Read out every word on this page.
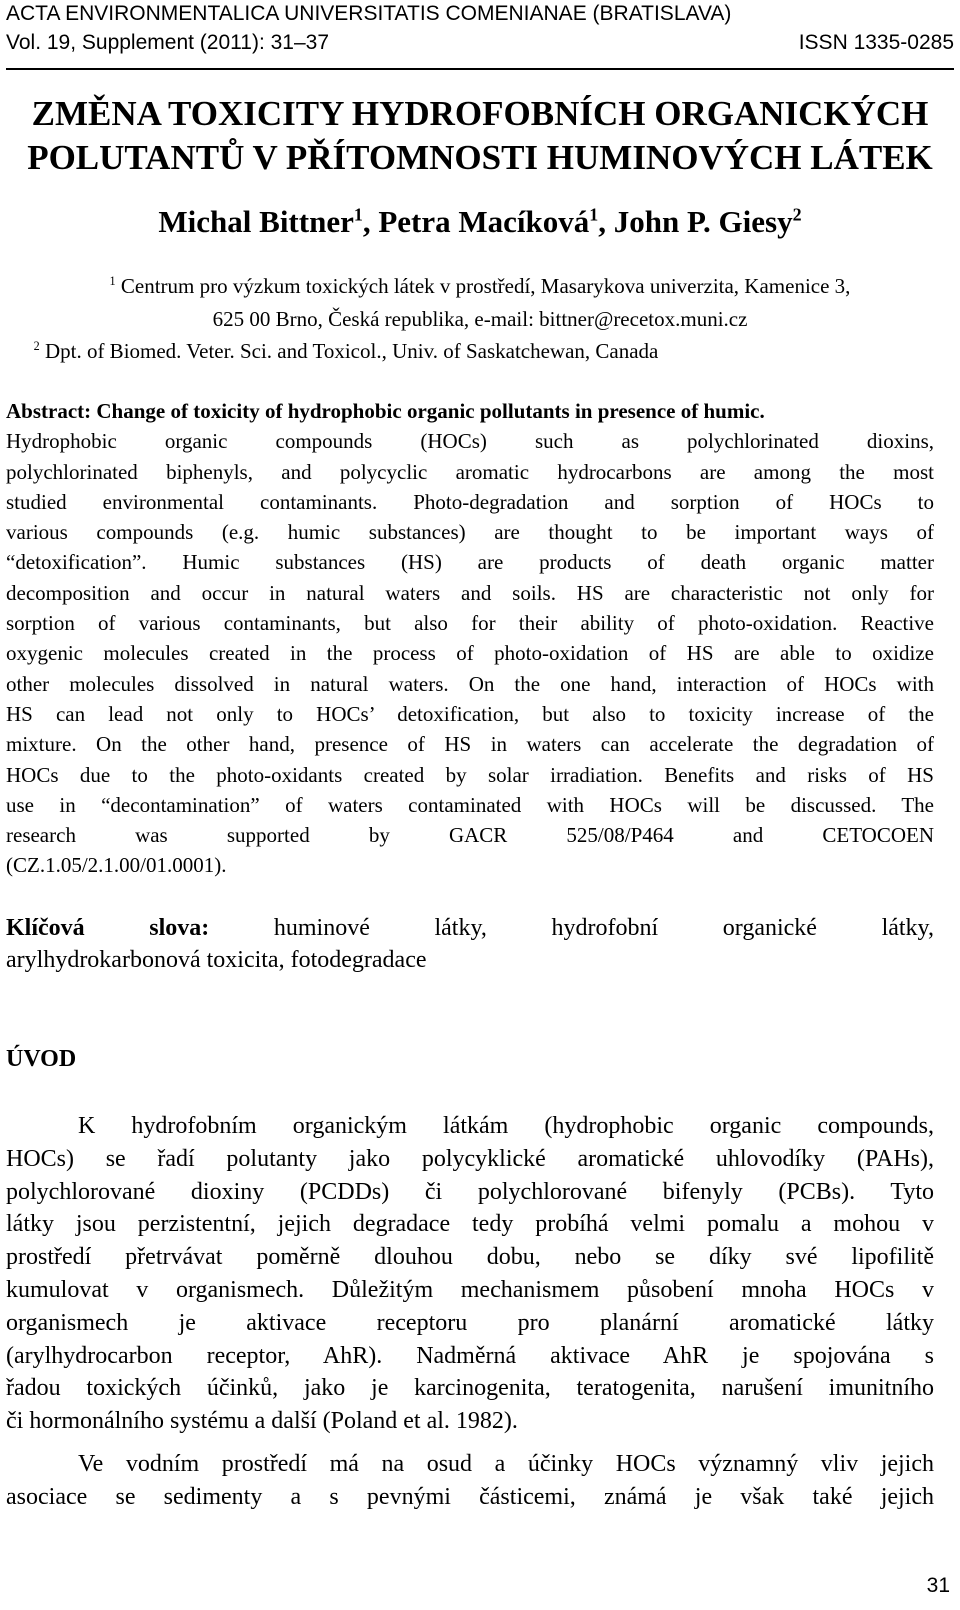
ACTA ENVIRONMENTALICA UNIVERSITATIS COMENIANAE (BRATISLAVA)
Vol. 19, Supplement (2011): 31–37	ISSN 1335-0285
ZMĚNA TOXICITY HYDROFOBNÍCH ORGANICKÝCH
POLUTANTŮ V PŘÍTOMNOSTI HUMINOVÝCH LÁTEK
Michal Bittner$^1$, Petra Macíková$^1$, John P. Giesy$^2$
$^1$ Centrum pro výzkum toxických látek v prostředí, Masarykova univerzita, Kamenice 3,
625 00 Brno, Česká republika, e-mail: bittner@recetox.muni.cz
$^2$ Dpt. of Biomed. Veter. Sci. and Toxicol., Univ. of Saskatchewan, Canada
Abstract: Change of toxicity of hydrophobic organic pollutants in presence of humic.
Hydrophobic organic compounds (HOCs) such as polychlorinated dioxins,
polychlorinated biphenyls, and polycyclic aromatic hydrocarbons are among the most
studied environmental contaminants. Photo-degradation and sorption of HOCs to
various compounds (e.g. humic substances) are thought to be important ways of
“detoxification”. Humic substances (HS) are products of death organic matter
decomposition and occur in natural waters and soils. HS are characteristic not only for
sorption of various contaminants, but also for their ability of photo-oxidation. Reactive
oxygenic molecules created in the process of photo-oxidation of HS are able to oxidize
other molecules dissolved in natural waters. On the one hand, interaction of HOCs with
HS can lead not only to HOCs’ detoxification, but also to toxicity increase of the
mixture. On the other hand, presence of HS in waters can accelerate the degradation of
HOCs due to the photo-oxidants created by solar irradiation. Benefits and risks of HS
use in “decontamination” of waters contaminated with HOCs will be discussed. The
research was supported by GACR 525/08/P464 and CETOCOEN
(CZ.1.05/2.1.00/01.0001).
Klíčová slova:	huminové látky, hydrofobní organické látky,
arylhydrokarbonová toxicita, fotodegradace
ÚVOD
K hydrofobním organickým látkám (hydrophobic organic compounds,
HOCs) se řadí polutanty jako polycyklické aromatické uhlovodíky (PAHs),
polychlorované dioxiny (PCDDs) či polychlorované bifenyly (PCBs). Tyto
látky jsou perzistentní, jejich degradace tedy probíhá velmi pomalu a mohou v
prostředí přetrvávat poměrně dlouhou dobu, nebo se díky své lipofilitě
kumulovat v organismech. Důležitým mechanismem působení mnoha HOCs v
organismech je aktivace receptoru pro planární aromatické látky
(arylhydrocarbon receptor, AhR). Nadměrná aktivace AhR je spojována s
řadou toxických účinků, jako je karcinogenita, teratogenita, narušení imunitního
či hormonálního systému a další (Poland et al. 1982).
Ve vodním prostředí má na osud a účinky HOCs významný vliv jejich
asociace se sedimenty a s pevnými částicemi, známá je však také jejich
31
